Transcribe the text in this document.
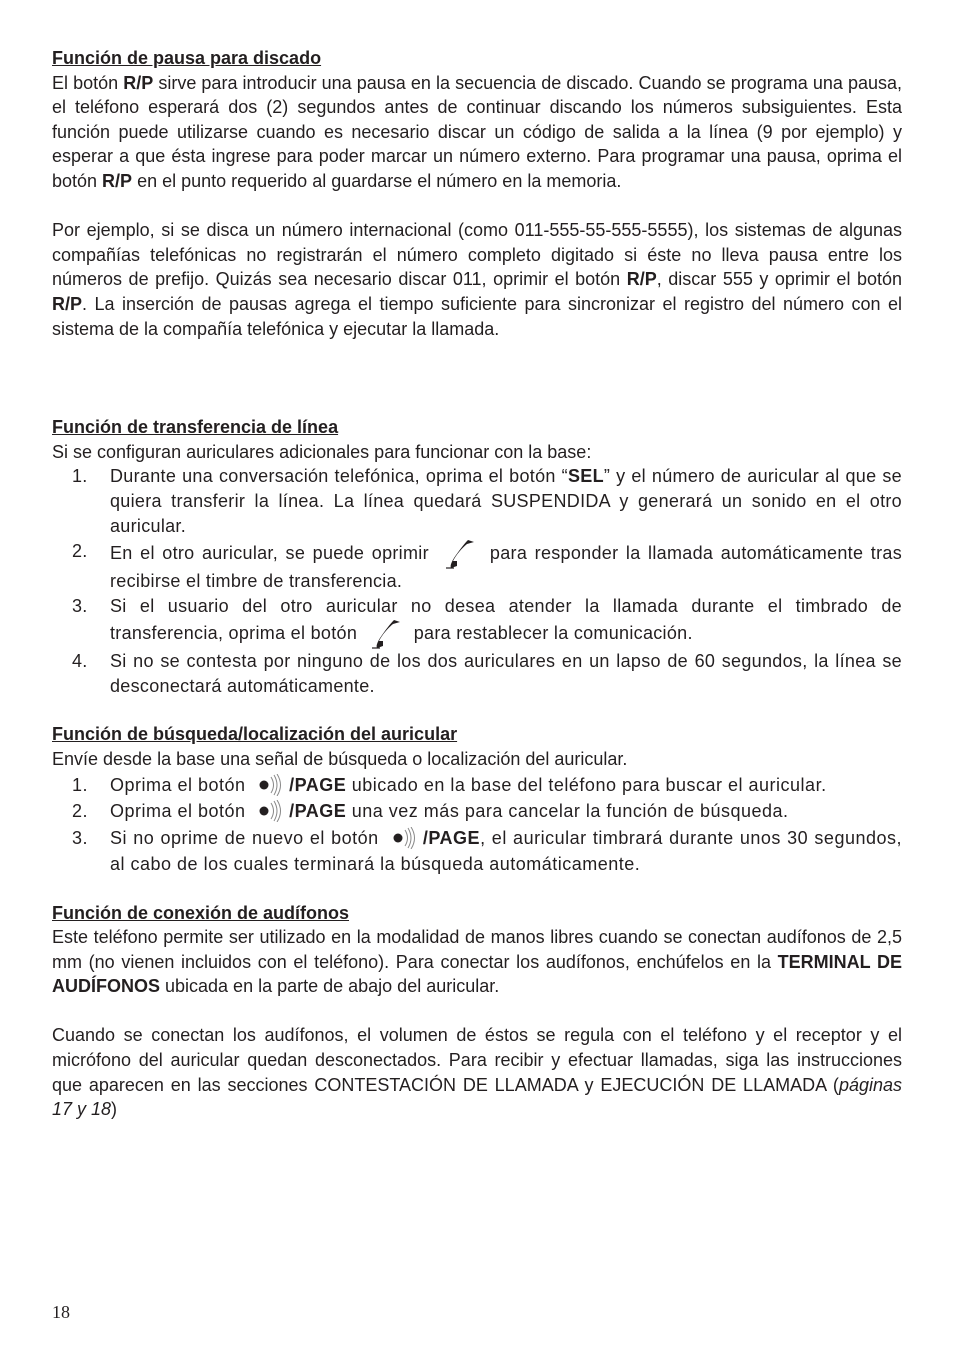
Función de pausa para discado

El botón R/P sirve para introducir una pausa en la secuencia de discado. Cuando se programa una pausa, el teléfono esperará dos (2) segundos antes de continuar discando los números subsiguientes. Esta función puede utilizarse cuando es necesario discar un código de salida a la línea (9 por ejemplo) y esperar a que ésta ingrese para poder marcar un número externo. Para programar una pausa, oprima el botón R/P en el punto requerido al guardarse el número en la memoria.

Por ejemplo, si se disca un número internacional (como 011-555-55-555-5555), los sistemas de algunas compañías telefónicas no registrarán el número completo digitado si éste no lleva pausa entre los números de prefijo. Quizás sea necesario discar 011, oprimir el botón R/P, discar 555 y oprimir el botón R/P. La inserción de pausas agrega el tiempo suficiente para sincronizar el registro del número con el sistema de la compañía telefónica y ejecutar la llamada.

Función de transferencia de línea

Si se configuran auriculares adicionales para funcionar con la base:

1. Durante una conversación telefónica, oprima el botón “SEL” y el número de auricular al que se quiera transferir la línea. La línea quedará SUSPENDIDA y generará un sonido en el otro auricular.
2. En el otro auricular, se puede oprimir	para responder la llamada automáticamente tras recibirse el timbre de transferencia.
3. Si el usuario del otro auricular no desea atender la llamada durante el timbrado de transferencia, oprima el botón	para restablecer la comunicación.
4. Si no se contesta por ninguno de los dos auriculares en un lapso de 60 segundos, la línea se desconectará automáticamente.

Función de búsqueda/localización del auricular

Envíe desde la base una señal de búsqueda o localización del auricular.

1. Oprima el botón /PAGE ubicado en la base del teléfono para buscar el auricular.
2. Oprima el botón /PAGE una vez más para cancelar la función de búsqueda.
3. Si no oprime de nuevo el botón /PAGE, el auricular timbrará durante unos 30 segundos, al cabo de los cuales terminará la búsqueda automáticamente.

Función de conexión de audífonos

Este teléfono permite ser utilizado en la modalidad de manos libres cuando se conectan audífonos de 2,5 mm (no vienen incluidos con el teléfono). Para conectar los audífonos, enchúfelos en la TERMINAL DE AUDÍFONOS ubicada en la parte de abajo del auricular.

Cuando se conectan los audífonos, el volumen de éstos se regula con el teléfono y el receptor y el micrófono del auricular quedan desconectados. Para recibir y efectuar llamadas, siga las instrucciones que aparecen en las secciones CONTESTACIÓN DE LLAMADA y EJECUCIÓN DE LLAMADA (páginas 17 y 18)

18
